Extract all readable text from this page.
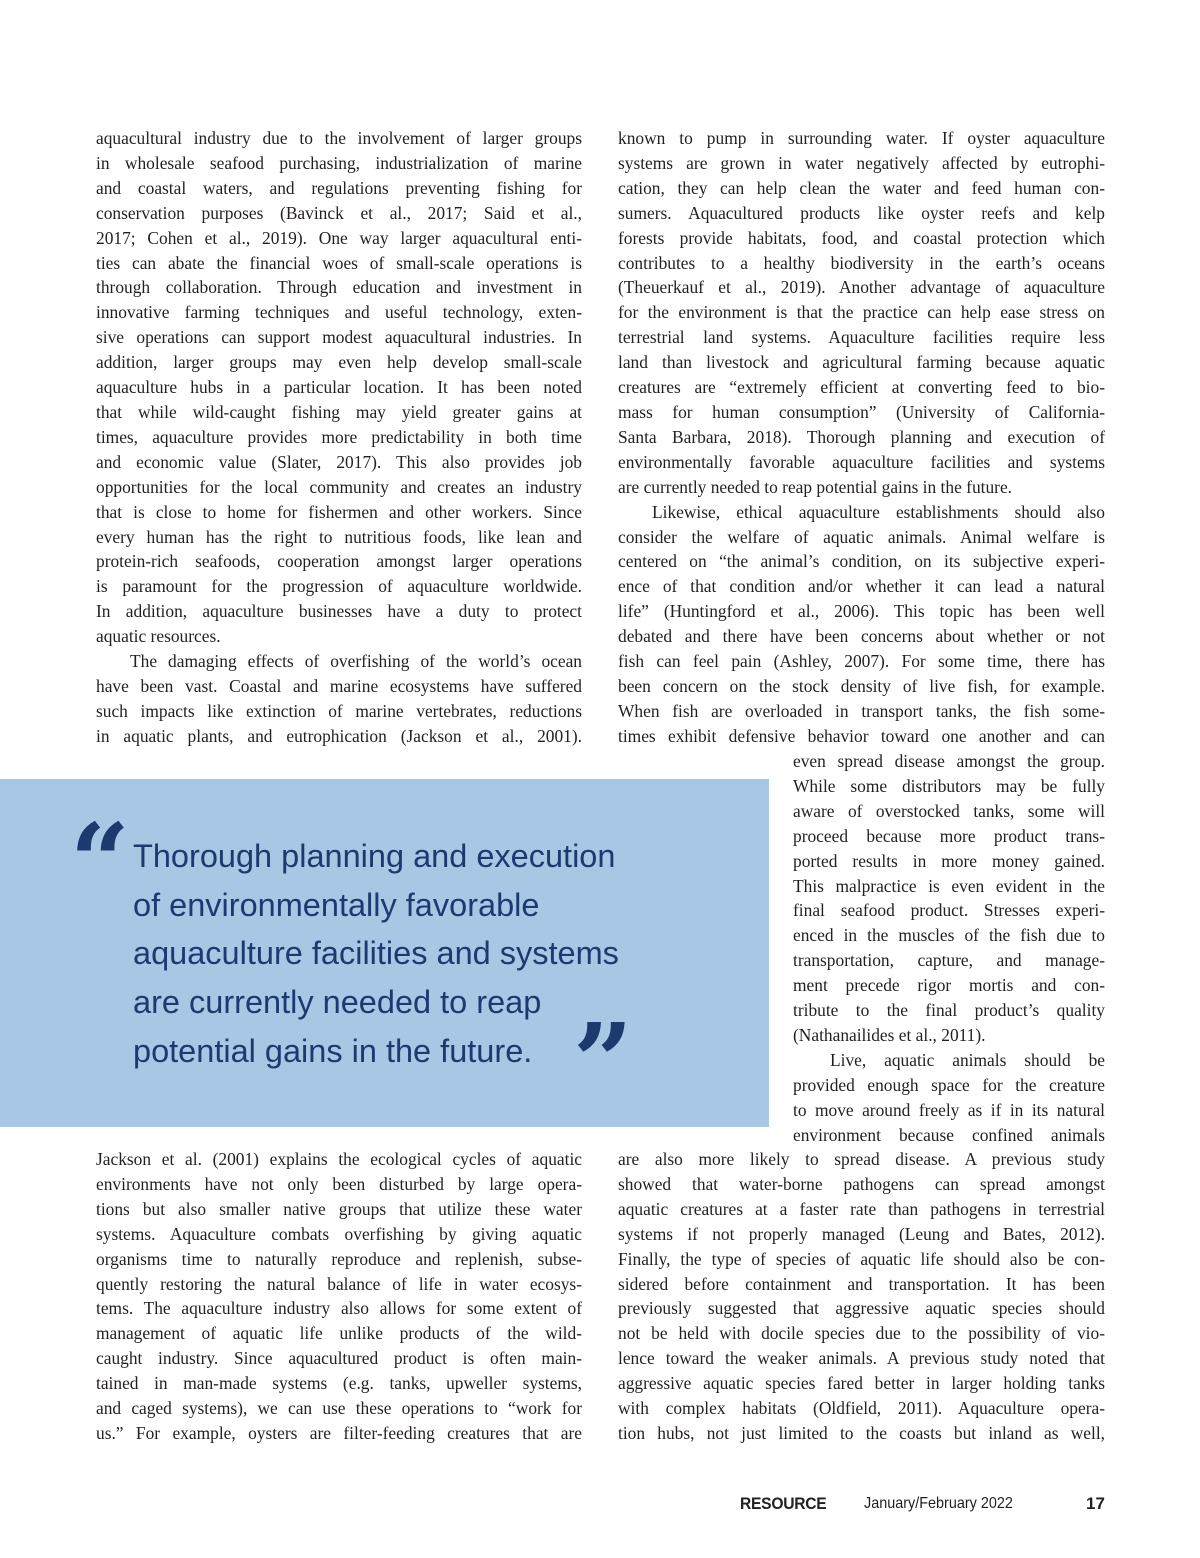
aquacultural industry due to the involvement of larger groups
in wholesale seafood purchasing, industrialization of marine
and coastal waters, and regulations preventing fishing for
conservation purposes (Bavinck et al., 2017; Said et al.,
2017; Cohen et al., 2019). One way larger aquacultural enti-
ties can abate the financial woes of small-scale operations is
through collaboration. Through education and investment in
innovative farming techniques and useful technology, exten-
sive operations can support modest aquacultural industries. In
addition, larger groups may even help develop small-scale
aquaculture hubs in a particular location. It has been noted
that while wild-caught fishing may yield greater gains at
times, aquaculture provides more predictability in both time
and economic value (Slater, 2017). This also provides job
opportunities for the local community and creates an industry
that is close to home for fishermen and other workers. Since
every human has the right to nutritious foods, like lean and
protein-rich seafoods, cooperation amongst larger operations
is paramount for the progression of aquaculture worldwide.
In addition, aquaculture businesses have a duty to protect
aquatic resources.
The damaging effects of overfishing of the world’s ocean
have been vast. Coastal and marine ecosystems have suffered
such impacts like extinction of marine vertebrates, reductions
in aquatic plants, and eutrophication (Jackson et al., 2001).
known to pump in surrounding water. If oyster aquaculture
systems are grown in water negatively affected by eutrophi-
cation, they can help clean the water and feed human con-
sumers. Aquacultured products like oyster reefs and kelp
forests provide habitats, food, and coastal protection which
contributes to a healthy biodiversity in the earth’s oceans
(Theuerkauf et al., 2019). Another advantage of aquaculture
for the environment is that the practice can help ease stress on
terrestrial land systems. Aquaculture facilities require less
land than livestock and agricultural farming because aquatic
creatures are “extremely efficient at converting feed to bio-
mass for human consumption” (University of California-
Santa Barbara, 2018). Thorough planning and execution of
environmentally favorable aquaculture facilities and systems
are currently needed to reap potential gains in the future.
Likewise, ethical aquaculture establishments should also
consider the welfare of aquatic animals. Animal welfare is
centered on “the animal’s condition, on its subjective experi-
ence of that condition and/or whether it can lead a natural
life” (Huntingford et al., 2006). This topic has been well
debated and there have been concerns about whether or not
fish can feel pain (Ashley, 2007). For some time, there has
been concern on the stock density of live fish, for example.
When fish are overloaded in transport tanks, the fish some-
times exhibit defensive behavior toward one another and can
“ Thorough planning and execution
of environmentally favorable
aquaculture facilities and systems
are currently needed to reap
potential gains in the future. ”
even spread disease amongst the group.
While some distributors may be fully
aware of overstocked tanks, some will
proceed because more product trans-
ported results in more money gained.
This malpractice is even evident in the
final seafood product. Stresses experi-
enced in the muscles of the fish due to
transportation, capture, and manage-
ment precede rigor mortis and con-
tribute to the final product’s quality
(Nathanailides et al., 2011).
Live, aquatic animals should be
provided enough space for the creature
to move around freely as if in its natural
environment because confined animals
Jackson et al. (2001) explains the ecological cycles of aquatic
environments have not only been disturbed by large opera-
tions but also smaller native groups that utilize these water
systems. Aquaculture combats overfishing by giving aquatic
organisms time to naturally reproduce and replenish, subse-
quently restoring the natural balance of life in water ecosys-
tems. The aquaculture industry also allows for some extent of
management of aquatic life unlike products of the wild-
caught industry. Since aquacultured product is often main-
tained in man-made systems (e.g. tanks, upweller systems,
and caged systems), we can use these operations to “work for
us.” For example, oysters are filter-feeding creatures that are
are also more likely to spread disease. A previous study
showed that water-borne pathogens can spread amongst
aquatic creatures at a faster rate than pathogens in terrestrial
systems if not properly managed (Leung and Bates, 2012).
Finally, the type of species of aquatic life should also be con-
sidered before containment and transportation. It has been
previously suggested that aggressive aquatic species should
not be held with docile species due to the possibility of vio-
lence toward the weaker animals. A previous study noted that
aggressive aquatic species fared better in larger holding tanks
with complex habitats (Oldfield, 2011). Aquaculture opera-
tion hubs, not just limited to the coasts but inland as well,
RESOURCE January/February 2022	17
